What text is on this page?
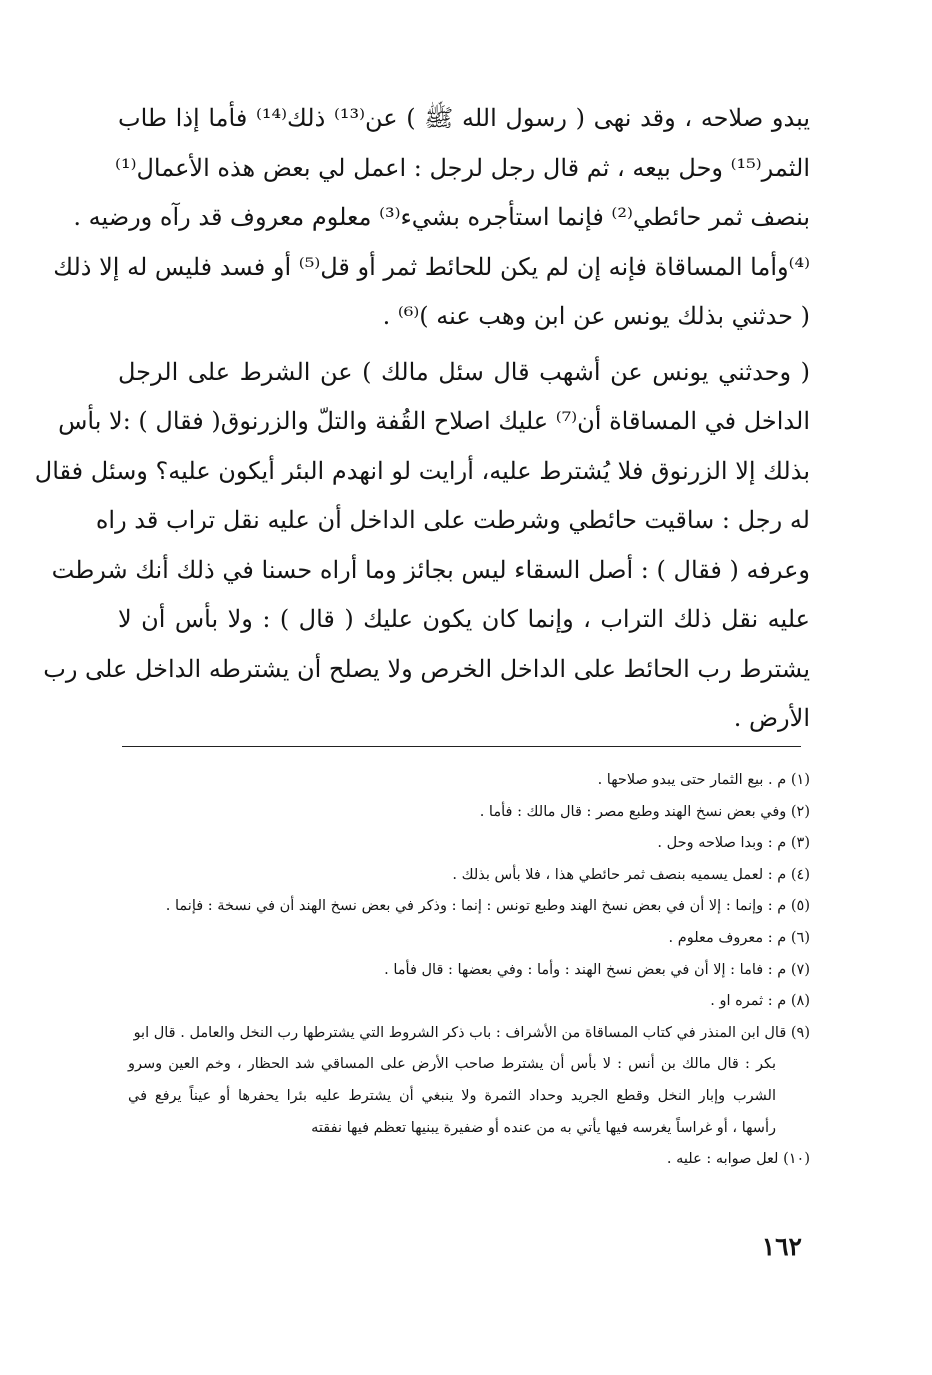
يبدو صلاحه ، وقد نهى ( رسول الله ﷺ ) عن⁽¹³⁾ ذلك⁽¹⁴⁾ فأما إذا طاب
الثمر⁽¹⁵⁾ وحل بيعه ، ثم قال رجل لرجل : اعمل لي بعض هذه الأعمال⁽¹⁾
بنصف ثمر حائطي⁽²⁾ فإنما استأجره بشيء⁽³⁾ معلوم معروف قد رآه ورضيه .
⁽⁴⁾وأما المساقاة فإنه إن لم يكن للحائط ثمر أو قل⁽⁵⁾ أو فسد فليس له إلا ذلك
( حدثني بذلك يونس عن ابن وهب عنه )⁽⁶⁾ .

( وحدثني يونس عن أشهب قال سئل مالك ) عن الشرط على الرجل
الداخل في المساقاة أن⁽⁷⁾ عليك اصلاح القُفة والتلّ والزرنوق( فقال ) :لا بأس
بذلك إلا الزرنوق فلا يُشترط عليه، أرايت لو انهدم البئر أيكون عليه؟ وسئل فقال
له رجل : ساقيت حائطي وشرطت على الداخل أن عليه نقل تراب قد راه
وعرفه ( فقال ) : أصل السقاء ليس بجائز وما أراه حسنا في ذلك أنك شرطت
عليه نقل ذلك التراب ، وإنما كان يكون عليك ( قال ) : ولا بأس أن لا
يشترط رب الحائط على الداخل الخرص ولا يصلح أن يشترطه الداخل على رب
الأرض .

(١) م . بيع الثمار حتى يبدو صلاحها .
(٢) وفي بعض نسخ الهند وطبع مصر : قال مالك : فأما .
(٣) م : وبدا صلاحه وحل .
(٤) م : لعمل يسميه بنصف ثمر حائطي هذا ، فلا بأس بذلك .
(٥) م : وإنما : إلا أن في بعض نسخ الهند وطبع تونس : إنما : وذكر في بعض نسخ الهند أن في نسخة : فإنما .
(٦) م : معروف معلوم .
(٧) م : فاما : إلا أن في بعض نسخ الهند : وأما : وفي بعضها : قال فأما .
(٨) م : ثمره او .
(٩) قال ابن المنذر في كتاب المساقاة من الأشراف : باب ذكر الشروط التي يشترطها رب النخل والعامل . قال ابو
بكر : قال مالك بن أنس : لا بأس أن يشترط صاحب الأرض على المساقي شد الحظار ، وخم العين وسرو
الشرب وإبار النخل وقطع الجريد وحداد الثمرة ولا ينبغي أن يشترط عليه بئرا يحفرها أو عيناً يرفع في
رأسها ، أو غراساً يغرسه فيها يأتي به من عنده أو ضفيرة يبنيها تعظم فيها نفقته
(١٠) لعل صوابه : عليه .
١٦٢
